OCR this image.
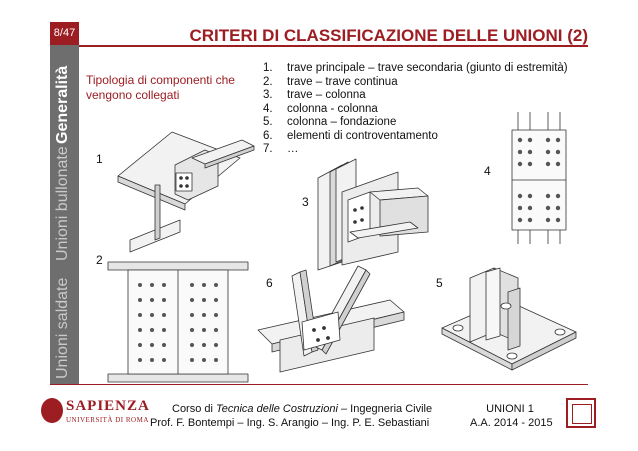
8/47
Generalità
Unioni bullonate
Unioni saldate
CRITERI DI CLASSIFICAZIONE DELLE UNIONI (2)
Tipologia di componenti che vengono collegati
1. trave principale – trave secondaria (giunto di estremità)
2. trave – trave continua
3. trave – colonna
4. colonna - colonna
5. colonna – fondazione
6. elementi di controventamento
7. …
1
2
3
4
5
6
SAPIENZA
UNIVERSITÀ DI ROMA
Corso di Tecnica delle Costruzioni – Ingegneria Civile
Prof. F. Bontempi – Ing. S. Arangio – Ing. P. E. Sebastiani
UNIONI 1
A.A. 2014 - 2015
